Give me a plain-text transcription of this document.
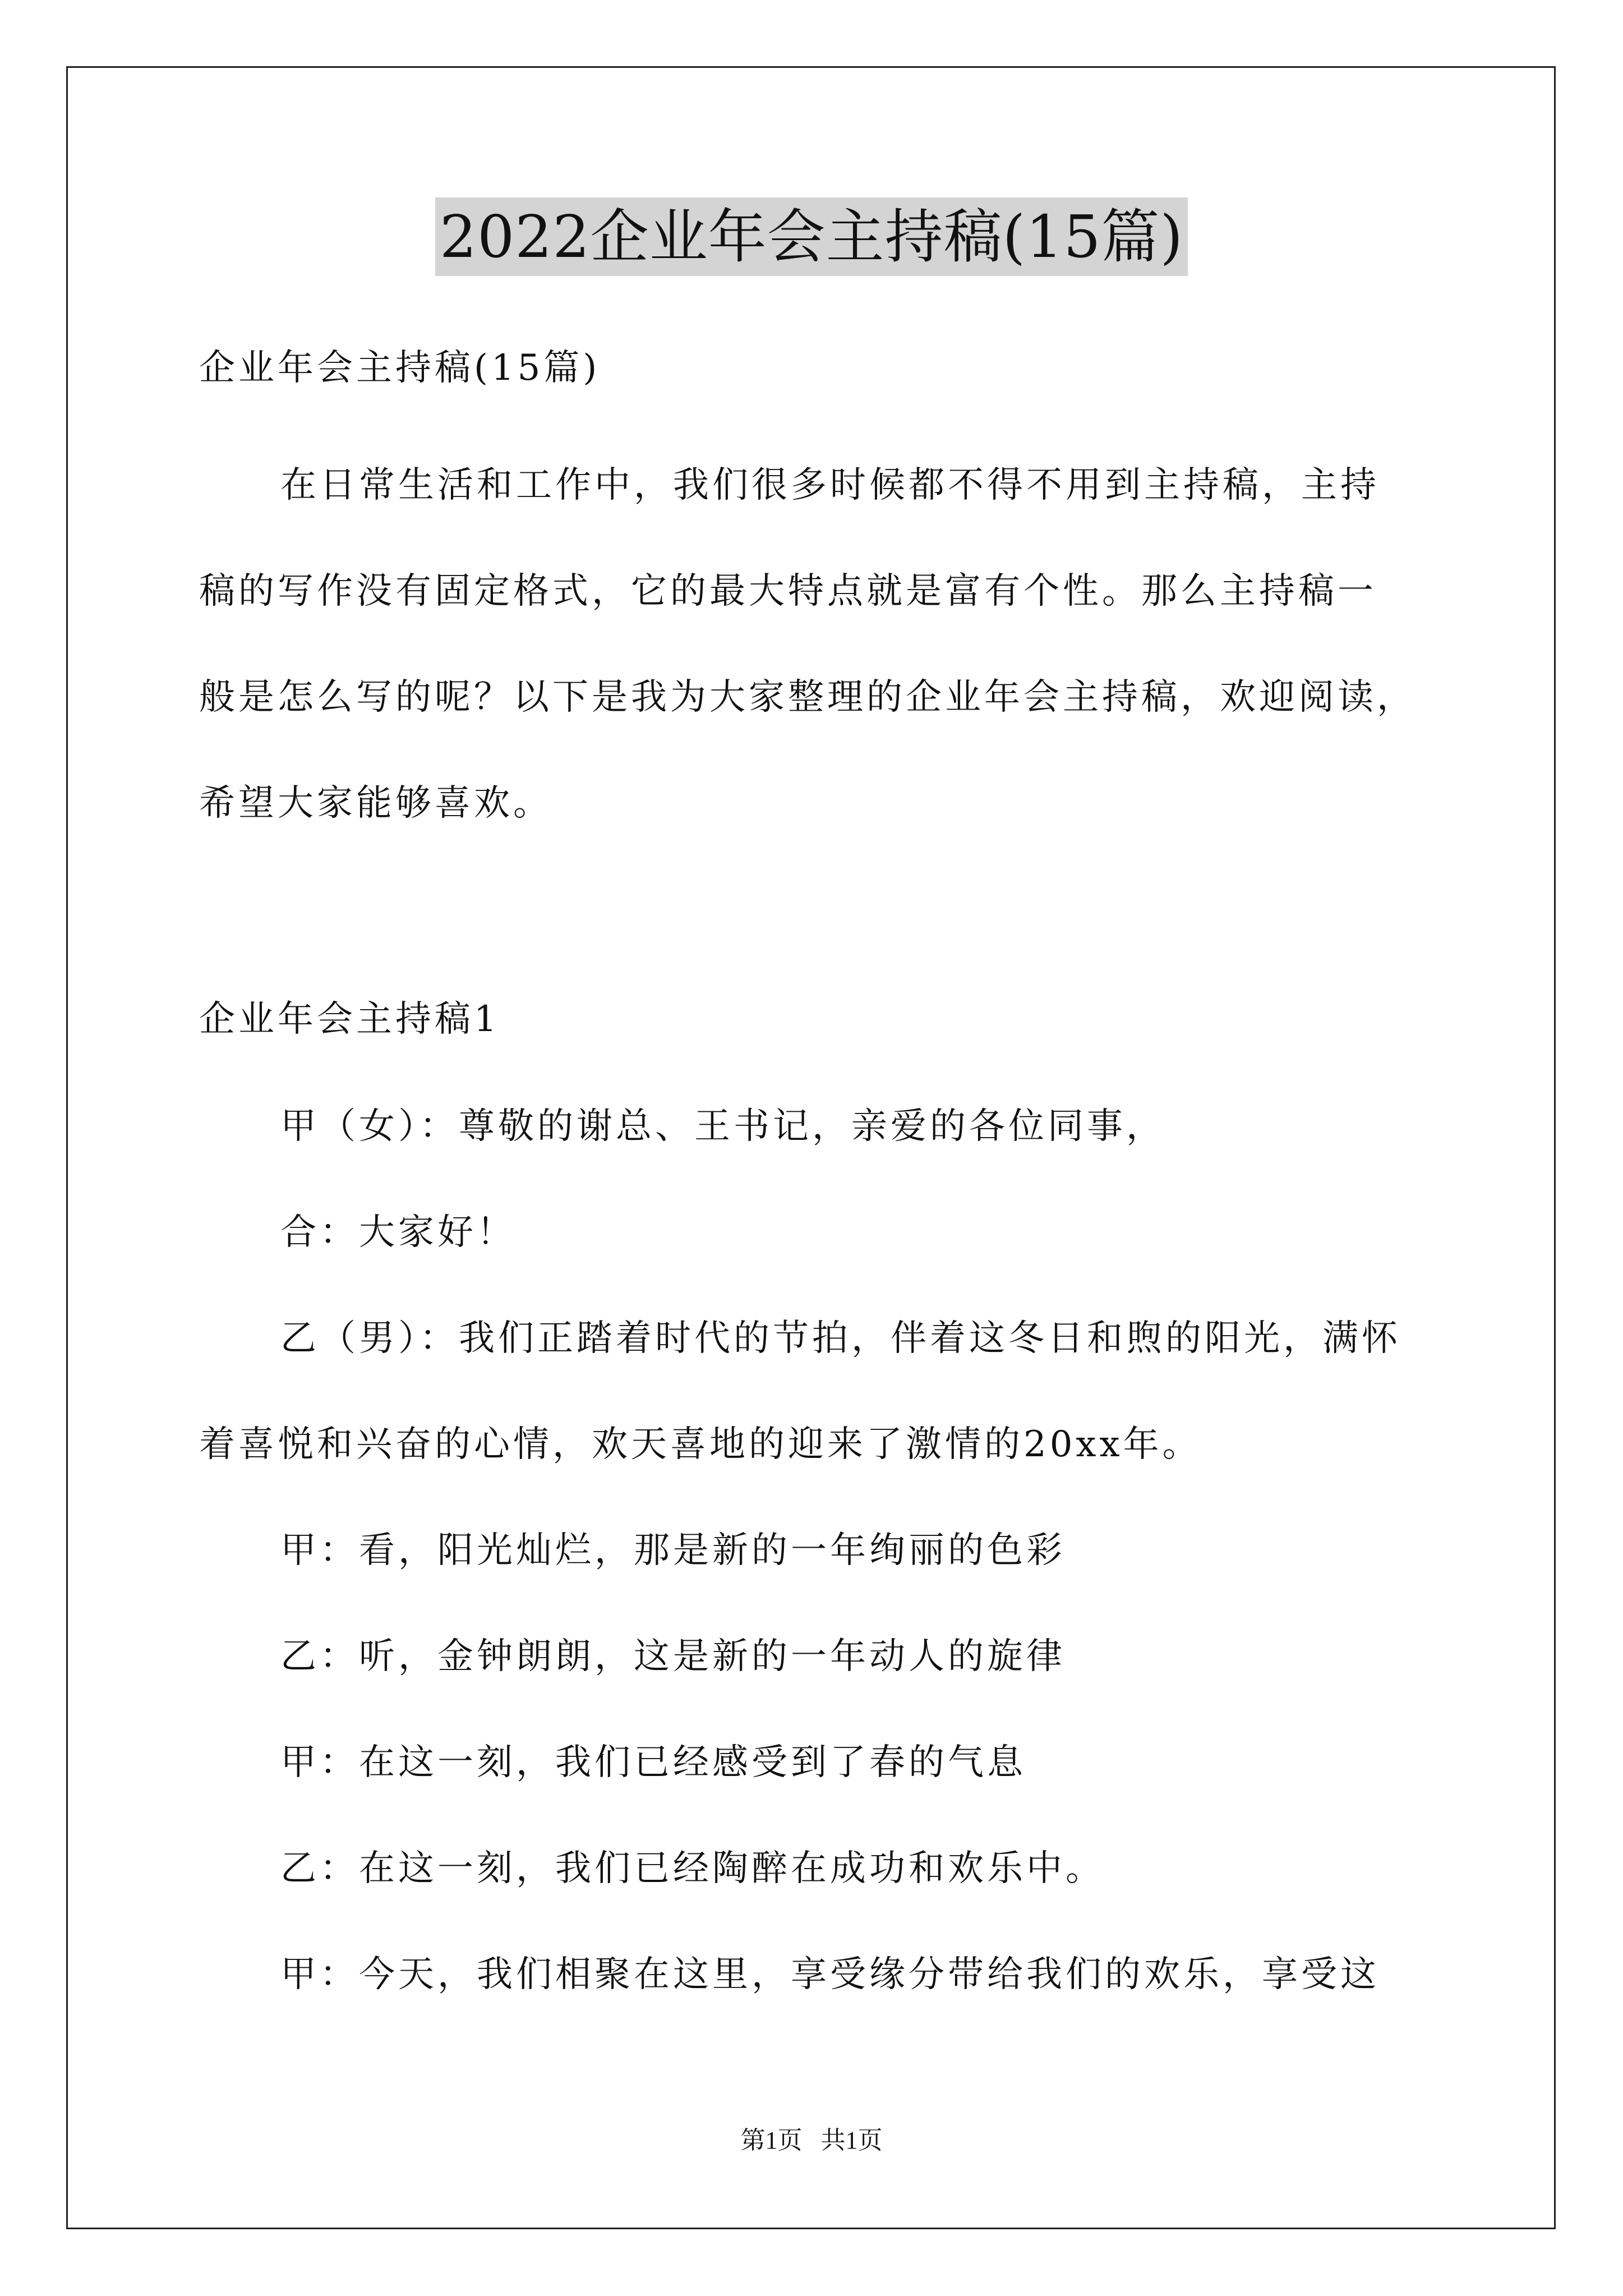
2022企业年会主持稿(15篇)
企业年会主持稿(15篇)
在日常生活和工作中，我们很多时候都不得不用到主持稿，主持
稿的写作没有固定格式，它的最大特点就是富有个性。那么主持稿一
般是怎么写的呢？以下是我为大家整理的企业年会主持稿，欢迎阅读，
希望大家能够喜欢。
企业年会主持稿1
甲（女）：尊敬的谢总、王书记，亲爱的各位同事，
合：大家好！
乙（男）：我们正踏着时代的节拍，伴着这冬日和煦的阳光，满怀
着喜悦和兴奋的心情，欢天喜地的迎来了激情的20xx年。
甲：看，阳光灿烂，那是新的一年绚丽的色彩
乙：听，金钟朗朗，这是新的一年动人的旋律
甲：在这一刻，我们已经感受到了春的气息
乙：在这一刻，我们已经陶醉在成功和欢乐中。
甲：今天，我们相聚在这里，享受缘分带给我们的欢乐，享受这
第1页   共1页
